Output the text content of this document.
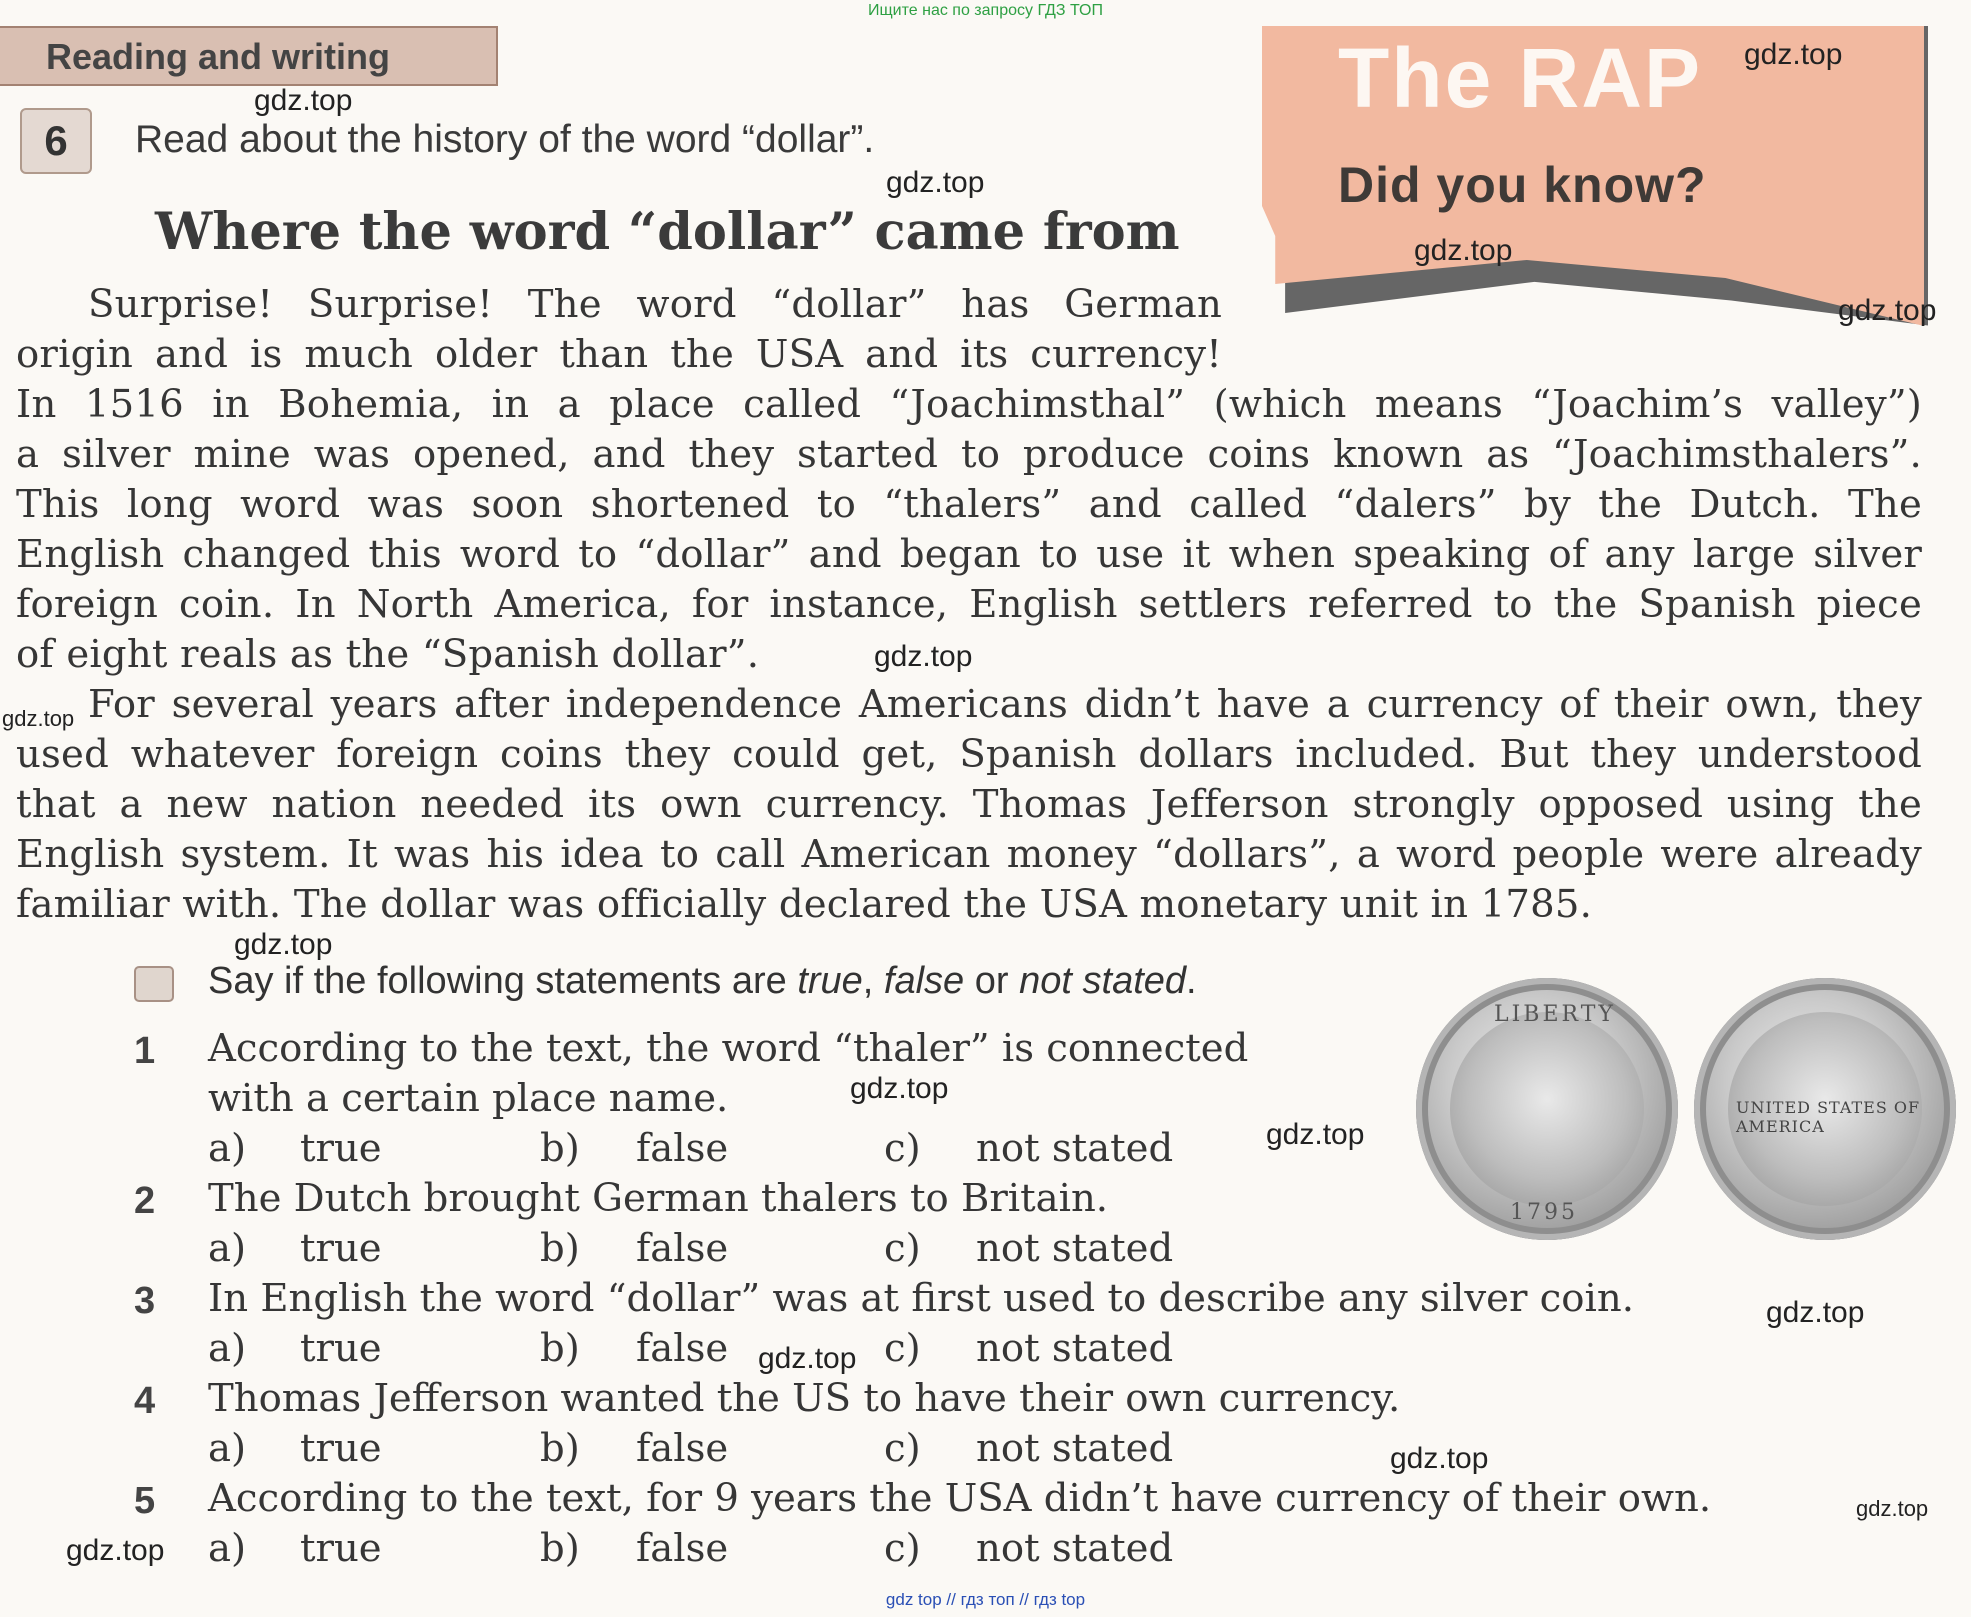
Ищите нас по запросу ГДЗ ТОП
Reading and writing
6	Read about the history of the word “dollar”.
The RAP
Did you know?
Where the word “dollar” came from
Surprise! Surprise! The word “dollar” has German
origin and is much older than the USA and its currency!
In 1516 in Bohemia, in a place called “Joachimsthal” (which means “Joachim’s valley”)
a silver mine was opened, and they started to produce coins known as “Joachimsthalers”.
This long word was soon shortened to “thalers” and called “dalers” by the Dutch. The
English changed this word to “dollar” and began to use it when speaking of any large silver
foreign coin. In North America, for instance, English settlers referred to the Spanish piece
of eight reals as the “Spanish dollar”.
For several years after independence Americans didn’t have a currency of their own, they
used whatever foreign coins they could get, Spanish dollars included. But they understood
that a new nation needed its own currency. Thomas Jefferson strongly opposed using the
English system. It was his idea to call American money “dollars”, a word people were already
familiar with. The dollar was officially declared the USA monetary unit in 1785.
Say if the following statements are true, false or not stated.
LIBERTY
1795
UNITED STATES OF AMERICA
1 According to the text, the word “thaler” is connected
with a certain place name.
a) true	b) false	c) not stated
2 The Dutch brought German thalers to Britain.
a) true	b) false	c) not stated
3 In English the word “dollar” was at first used to describe any silver coin.
a) true	b) false	c) not stated
4 Thomas Jefferson wanted the US to have their own currency.
a) true	b) false	c) not stated
5 According to the text, for 9 years the USA didn’t have currency of their own.
a) true	b) false	c) not stated
gdz.top
gdz.top
gdz.top
gdz.top
gdz.top
gdz.top
gdz.top
gdz.top
gdz.top
gdz.top
gdz.top
gdz.top
gdz.top
gdz.top
gdz.top
gdz top // гдз топ // гдз top
